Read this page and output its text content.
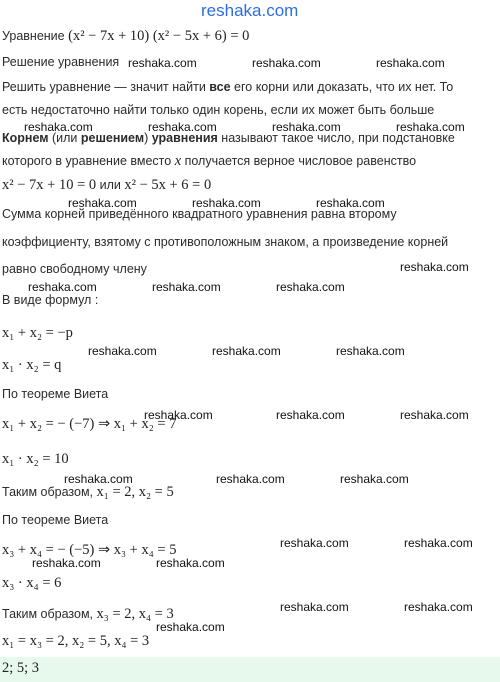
reshaka.com
Уравнение (x² − 7x + 10) (x² − 5x + 6) = 0
Решение уравнения
Решить уравнение — значит найти все его корни или доказать, что их нет. То
есть недостаточно найти только один корень, если их может быть больше
Корнем (или решением) уравнения называют такое число, при подстановке
которого в уравнение вместо x получается верное числовое равенство
x² − 7x + 10 = 0 или x² − 5x + 6 = 0
Сумма корней приведённого квадратного уравнения равна второму
коэффициенту, взятому с противоположным знаком, а произведение корней
равно свободному члену
В виде формул :
x₁ + x₂ = −p
x₁ · x₂ = q
По теореме Виета
x₁ + x₂ = − (−7) ⇒ x₁ + x₂ = 7
x₁ · x₂ = 10
Таким образом, x₁ = 2, x₂ = 5
По теореме Виета
x₃ + x₄ = − (−5) ⇒ x₃ + x₄ = 5
x₃ · x₄ = 6
Таким образом, x₃ = 2, x₄ = 3
x₁ = x₃ = 2, x₂ = 5, x₄ = 3
2; 5; 3
reshaka.com	reshaka.com	reshaka.com
reshaka.com	reshaka.com	reshaka.com	reshaka.com
reshaka.com	reshaka.com	reshaka.com
reshaka.com
reshaka.com	reshaka.com	reshaka.com
reshaka.com	reshaka.com	reshaka.com
reshaka.com	reshaka.com	reshaka.com
reshaka.com	reshaka.com	reshaka.com
reshaka.com	reshaka.com
reshaka.com	reshaka.com
reshaka.com	reshaka.com
reshaka.com
